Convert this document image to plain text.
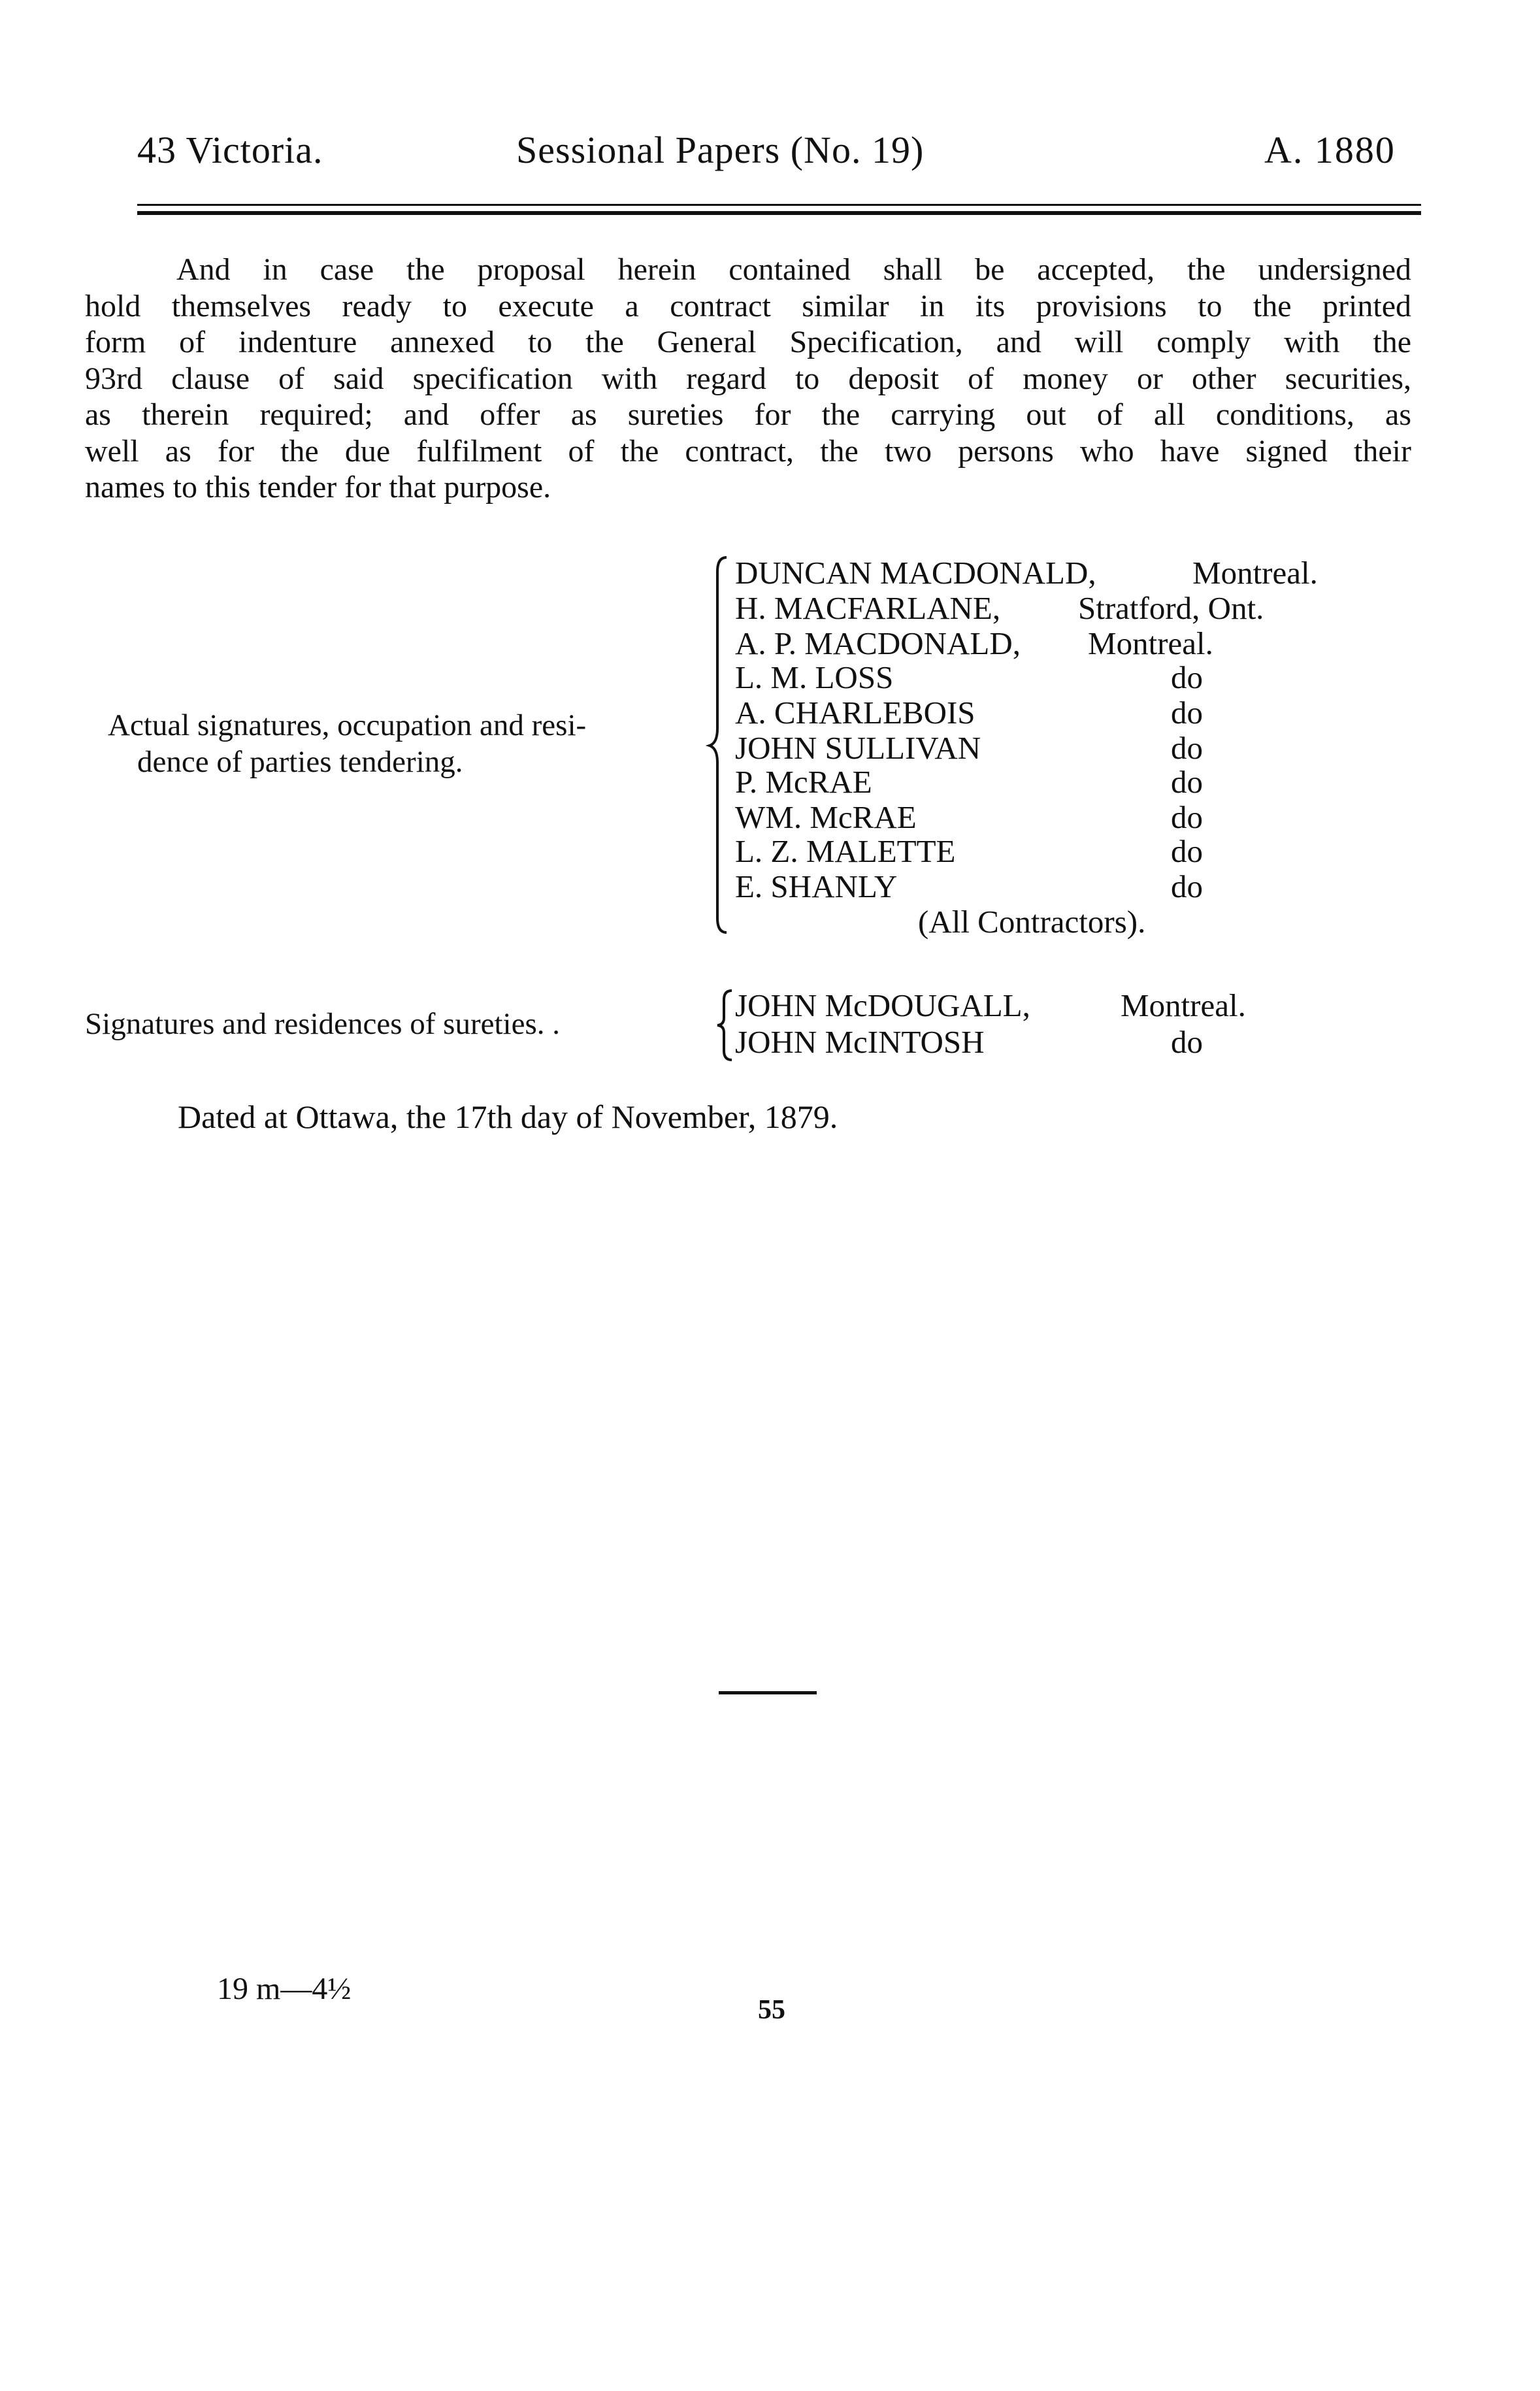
43 Victoria.	Sessional Papers (No. 19)	A. 1880
And in case the proposal herein contained shall be accepted, the undersigned
hold themselves ready to execute a contract similar in its provisions to the printed
form of indenture annexed to the General Specification, and will comply with the
93rd clause of said specification with regard to deposit of money or other securities,
as therein required; and offer as sureties for the carrying out of all conditions, as
well as for the due fulfilment of the contract, the two persons who have signed their
names to this tender for that purpose.
Actual signatures, occupation and resi-
dence of parties tendering.
DUNCAN MACDONALD,	Montreal.
H. MACFARLANE, Stratford, Ont.
A. P. MACDONALD, Montreal.
L. M. LOSS	do
A. CHARLEBOIS	do
JOHN SULLIVAN	do
P. McRAE	do
WM. McRAE	do
L. Z. MALETTE	do
E. SHANLY	do
(All Contractors).
Signatures and residences of sureties. .
JOHN McDOUGALL,	Montreal.
JOHN McINTOSH	do
Dated at Ottawa, the 17th day of November, 1879.
19 m—4½
55
